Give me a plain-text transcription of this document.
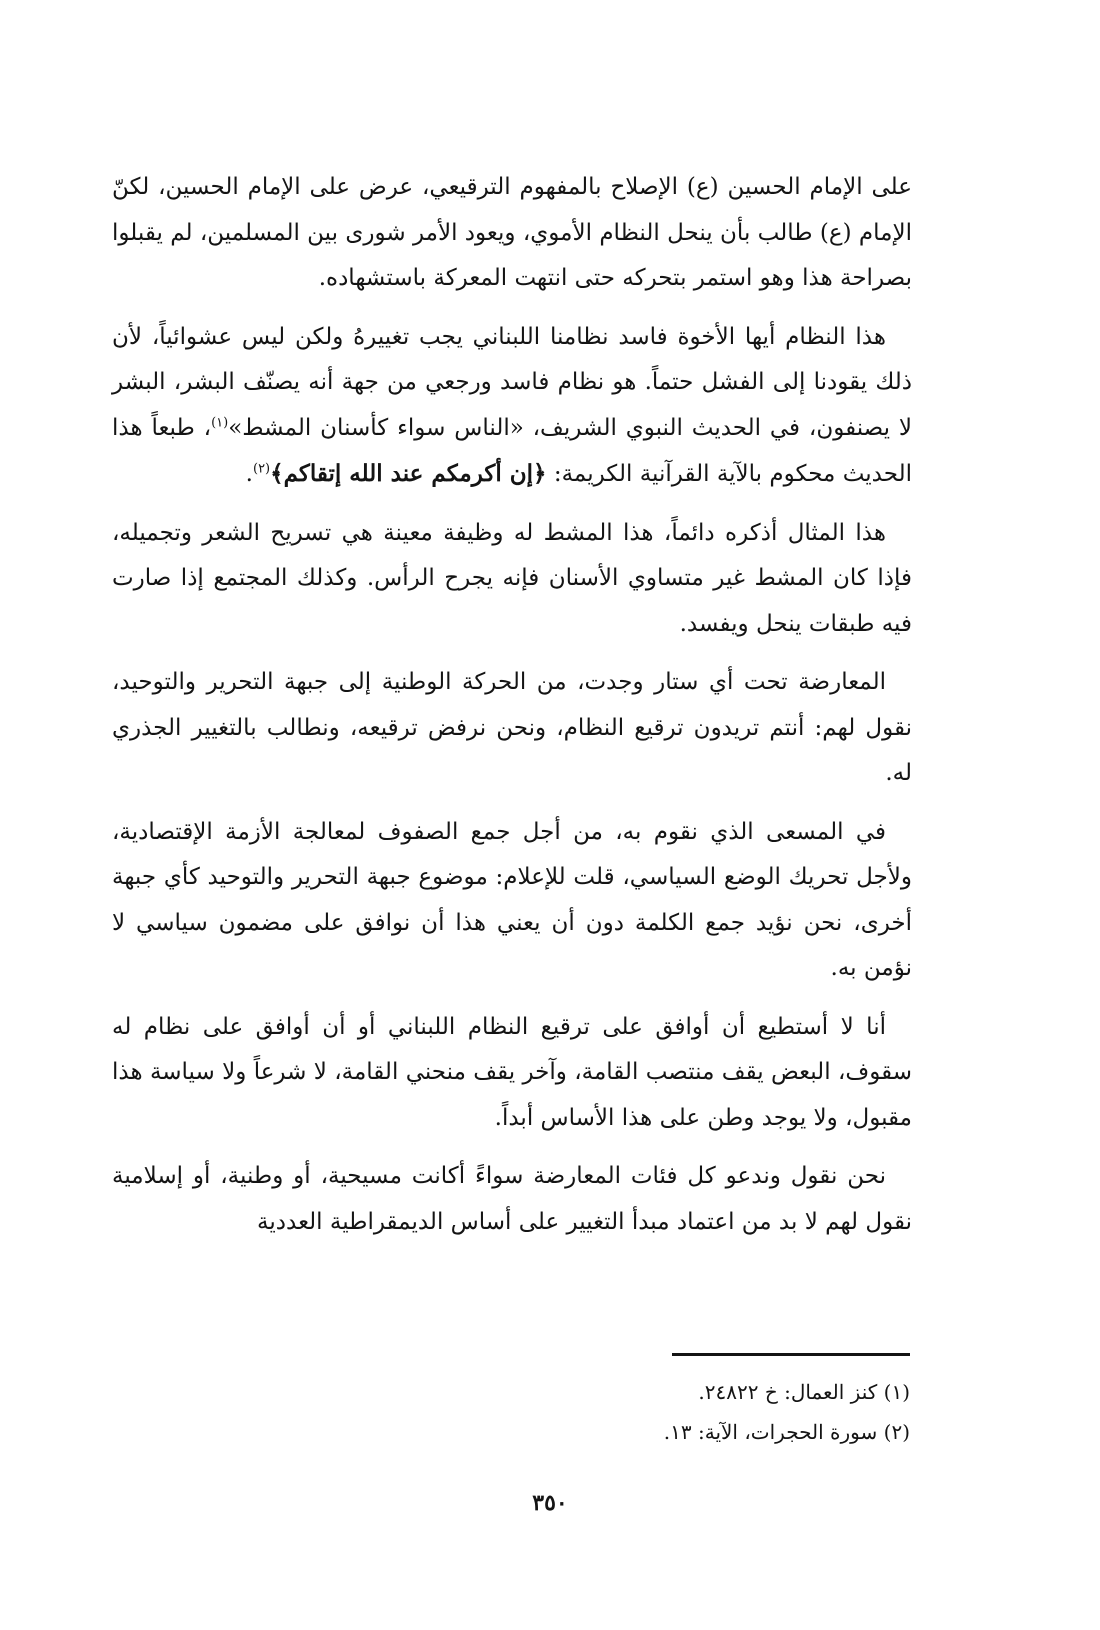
على الإمام الحسين (ع) الإصلاح بالمفهوم الترقيعي، عرض على الإمام الحسين، لكنّ الإمام (ع) طالب بأن ينحل النظام الأموي، ويعود الأمر شورى بين المسلمين، لم يقبلوا بصراحة هذا وهو استمر بتحركه حتى انتهت المعركة باستشهاده.

هذا النظام أيها الأخوة فاسد نظامنا اللبناني يجب تغييرهُ ولكن ليس عشوائياً، لأن ذلك يقودنا إلى الفشل حتماً. هو نظام فاسد ورجعي من جهة أنه يصنّف البشر، البشر لا يصنفون، في الحديث النبوي الشريف، «الناس سواء كأسنان المشط»$^{(١)}$، طبعاً هذا الحديث محكوم بالآية القرآنية الكريمة: ﴿إن أكرمكم عند الله إتقاكم﴾$^{(٢)}$.

هذا المثال أذكره دائماً، هذا المشط له وظيفة معينة هي تسريح الشعر وتجميله، فإذا كان المشط غير متساوي الأسنان فإنه يجرح الرأس. وكذلك المجتمع إذا صارت فيه طبقات ينحل ويفسد.

المعارضة تحت أي ستار وجدت، من الحركة الوطنية إلى جبهة التحرير والتوحيد، نقول لهم: أنتم تريدون ترقيع النظام، ونحن نرفض ترقيعه، ونطالب بالتغيير الجذري له.

في المسعى الذي نقوم به، من أجل جمع الصفوف لمعالجة الأزمة الإقتصادية، ولأجل تحريك الوضع السياسي، قلت للإعلام: موضوع جبهة التحرير والتوحيد كأي جبهة أخرى، نحن نؤيد جمع الكلمة دون أن يعني هذا أن نوافق على مضمون سياسي لا نؤمن به.

أنا لا أستطيع أن أوافق على ترقيع النظام اللبناني أو أن أوافق على نظام له سقوف، البعض يقف منتصب القامة، وآخر يقف منحني القامة، لا شرعاً ولا سياسة هذا مقبول، ولا يوجد وطن على هذا الأساس أبداً.

نحن نقول وندعو كل فئات المعارضة سواءً أكانت مسيحية، أو وطنية، أو إسلامية نقول لهم لا بد من اعتماد مبدأ التغيير على أساس الديمقراطية العددية

(١) كنز العمال: خ ٢٤٨٢٢.

(٢) سورة الحجرات، الآية: ١٣.

٣٥٠
